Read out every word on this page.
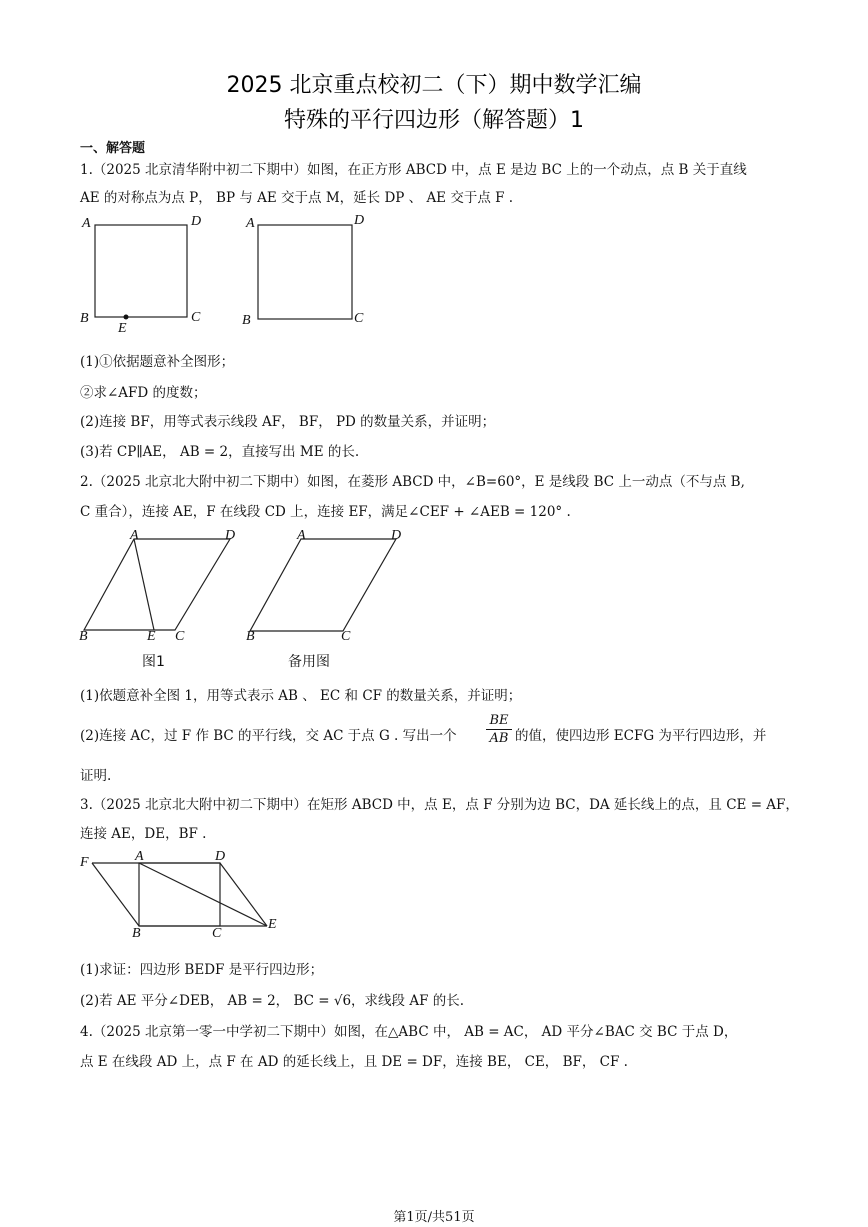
2025 北京重点校初二（下）期中数学汇编
特殊的平行四边形（解答题）1
一、解答题
1.（2025 北京清华附中初二下期中）如图，在正方形 ABCD 中，点 E 是边 BC 上的一个动点，点 B 关于直线
AE 的对称点为点 P， BP 与 AE 交于点 M，延长 DP 、 AE 交于点 F .
A	D
B	C
E
A	D
B	C
(1)①依据题意补全图形；
②求∠AFD 的度数；
(2)连接 BF，用等式表示线段 AF， BF， PD 的数量关系，并证明；
(3)若 CP∥AE， AB = 2，直接写出 ME 的长.
2.（2025 北京北大附中初二下期中）如图，在菱形 ABCD 中，∠B=60°，E 是线段 BC 上一动点（不与点 B,
C 重合），连接 AE，F 在线段 CD 上，连接 EF，满足∠CEF + ∠AEB = 120° .
A	D
B	E C
图1
A	D
B	C
备用图
(1)依题意补全图 1，用等式表示 AB 、 EC 和 CF 的数量关系，并证明；
(2)连接 AC，过 F 作 BC 的平行线，交 AC 于点 G . 写出一个
BE
AB 的值，使四边形 ECFG 为平行四边形，并
证明.
3.（2025 北京北大附中初二下期中）在矩形 ABCD 中，点 E，点 F 分别为边 BC，DA 延长线上的点，且 CE = AF，
连接 AE，DE，BF .
F	A	D
B	C
E
(1)求证：四边形 BEDF 是平行四边形；
(2)若 AE 平分∠DEB， AB = 2， BC = √6，求线段 AF 的长.
4.（2025 北京第一零一中学初二下期中）如图，在△ABC 中， AB = AC， AD 平分∠BAC 交 BC 于点 D，
点 E 在线段 AD 上，点 F 在 AD 的延长线上，且 DE = DF，连接 BE， CE， BF， CF .
第1页/共51页
